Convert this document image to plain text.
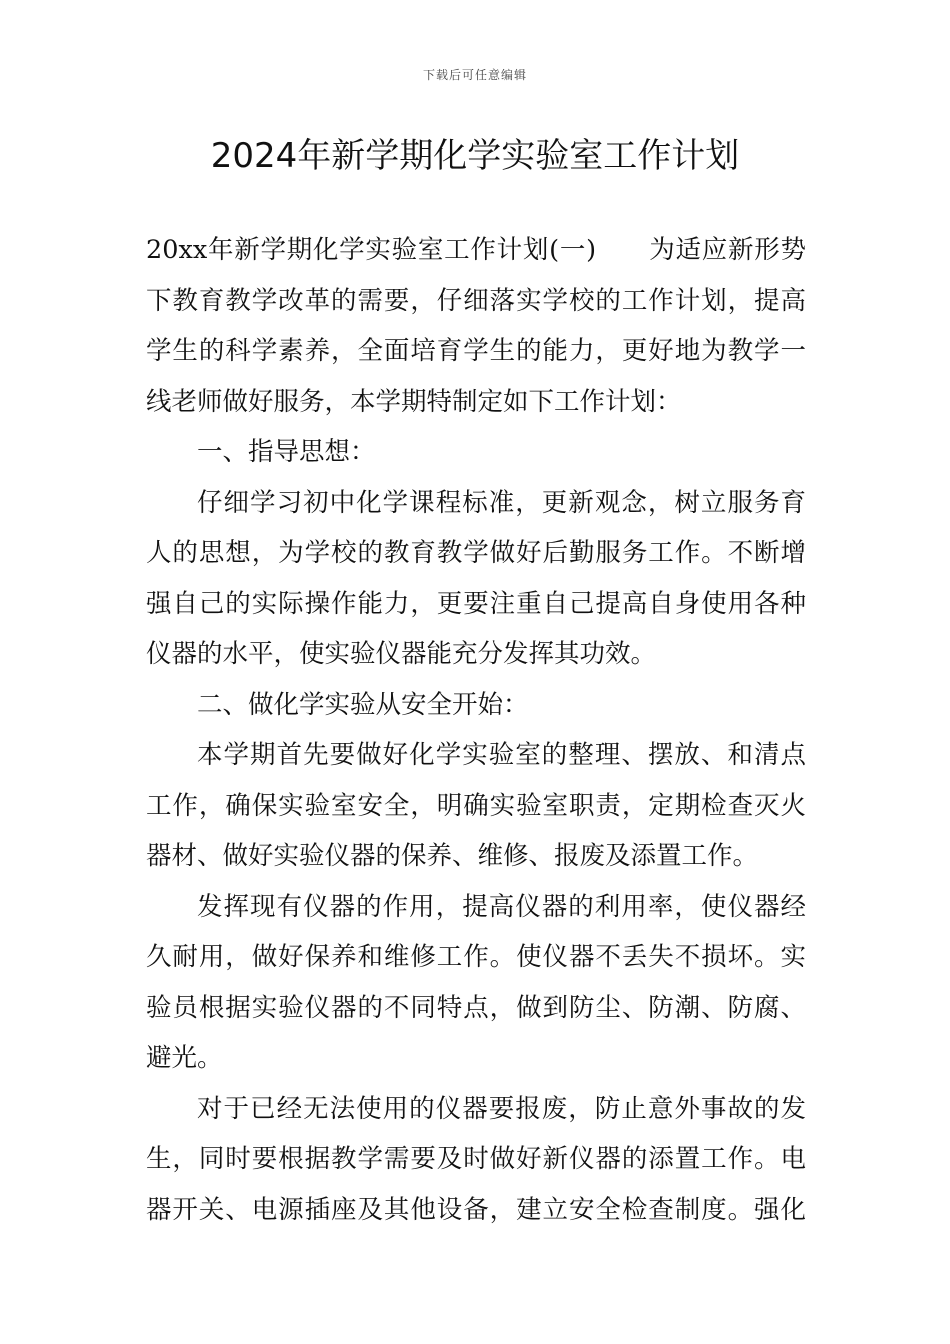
下载后可任意编辑
2024年新学期化学实验室工作计划
20xx年新学期化学实验室工作计划(一)　　为适应新形势
下教育教学改革的需要，仔细落实学校的工作计划，提高
学生的科学素养，全面培育学生的能力，更好地为教学一
线老师做好服务，本学期特制定如下工作计划：
一、指导思想：
仔细学习初中化学课程标准，更新观念，树立服务育
人的思想，为学校的教育教学做好后勤服务工作。不断增
强自己的实际操作能力，更要注重自己提高自身使用各种
仪器的水平，使实验仪器能充分发挥其功效。
二、做化学实验从安全开始：
本学期首先要做好化学实验室的整理、摆放、和清点
工作，确保实验室安全，明确实验室职责，定期检查灭火
器材、做好实验仪器的保养、维修、报废及添置工作。
发挥现有仪器的作用，提高仪器的利用率，使仪器经
久耐用，做好保养和维修工作。使仪器不丢失不损坏。实
验员根据实验仪器的不同特点，做到防尘、防潮、防腐、
避光。
对于已经无法使用的仪器要报废，防止意外事故的发
生，同时要根据教学需要及时做好新仪器的添置工作。电
器开关、电源插座及其他设备，建立安全检查制度。强化
